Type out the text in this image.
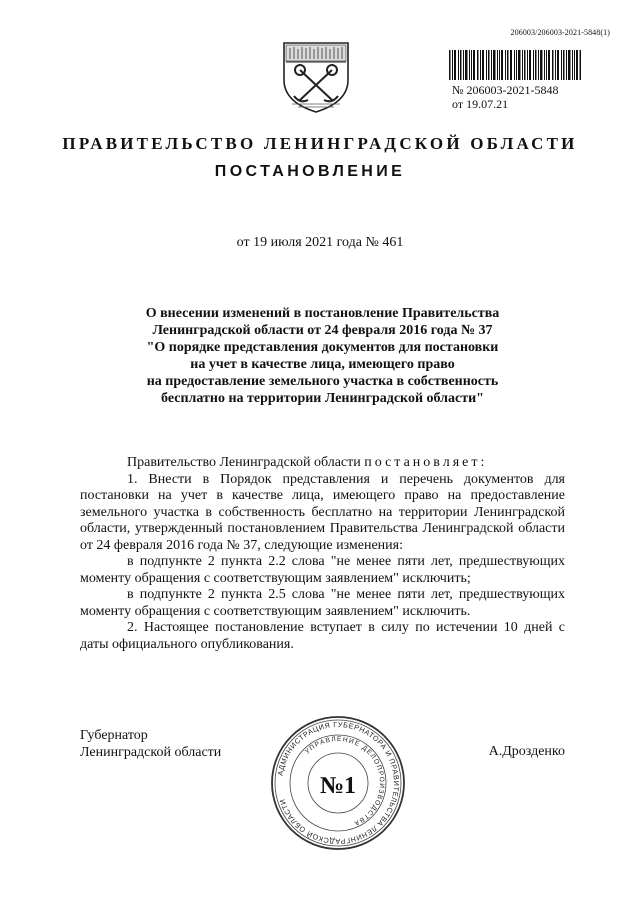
206003/206003-2021-5848(1)
№ 206003-2021-5848
от 19.07.21
ПРАВИТЕЛЬСТВО ЛЕНИНГРАДСКОЙ ОБЛАСТИ
ПОСТАНОВЛЕНИЕ
от 19 июля 2021 года № 461
О внесении изменений в постановление Правительства
Ленинградской области от 24 февраля 2016 года № 37
"О порядке представления документов для постановки
на учет в качестве лица, имеющего право
на предоставление земельного участка в собственность
бесплатно на территории Ленинградской области"

Правительство Ленинградской области постановляет:

1. Внести в Порядок представления и перечень документов для постановки на учет в качестве лица, имеющего право на предоставление земельного участка в собственность бесплатно на территории Ленинградской области, утвержденный постановлением Правительства Ленинградской области от 24 февраля 2016 года № 37, следующие изменения:

в подпункте 2 пункта 2.2 слова "не менее пяти лет, предшествующих моменту обращения с соответствующим заявлением" исключить;

в подпункте 2 пункта 2.5 слова "не менее пяти лет, предшествующих моменту обращения с соответствующим заявлением" исключить.

2. Настоящее постановление вступает в силу по истечении 10 дней с даты официального опубликования.

Губернатор
Ленинградской области	А.Дрозденко
АДМИНИСТРАЦИЯ ГУБЕРНАТОРА И ПРАВИТЕЛЬСТВА ЛЕНИНГРАДСКОЙ ОБЛАСТИ
УПРАВЛЕНИЕ ДЕЛОПРОИЗВОДСТВА
№1
